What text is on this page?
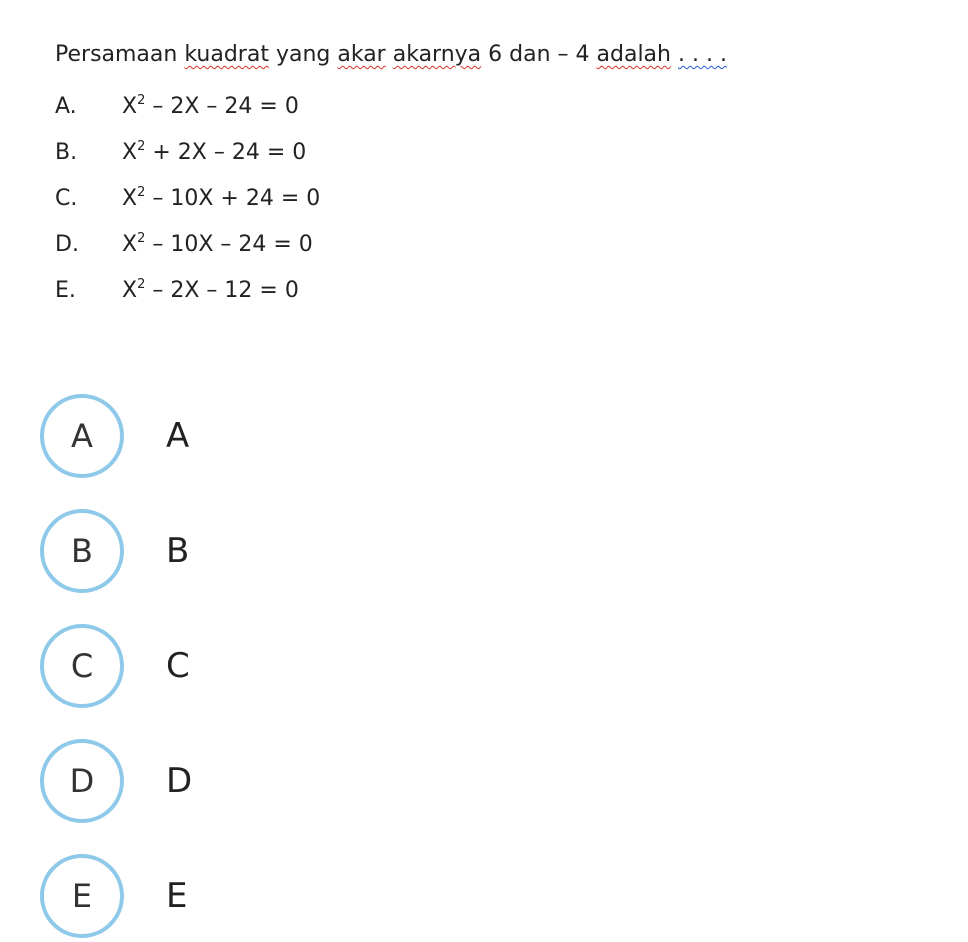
Persamaan kuadrat yang akar akarnya 6 dan – 4 adalah . . . .
A. $X^2 - 2X - 24 = 0$
B. $X^2 + 2X - 24 = 0$
C. $X^2 - 10X + 24 = 0$
D. $X^2 - 10X - 24 = 0$
E. $X^2 - 2X - 12 = 0$
A	A
B	B
C	C
D	D
E	E
